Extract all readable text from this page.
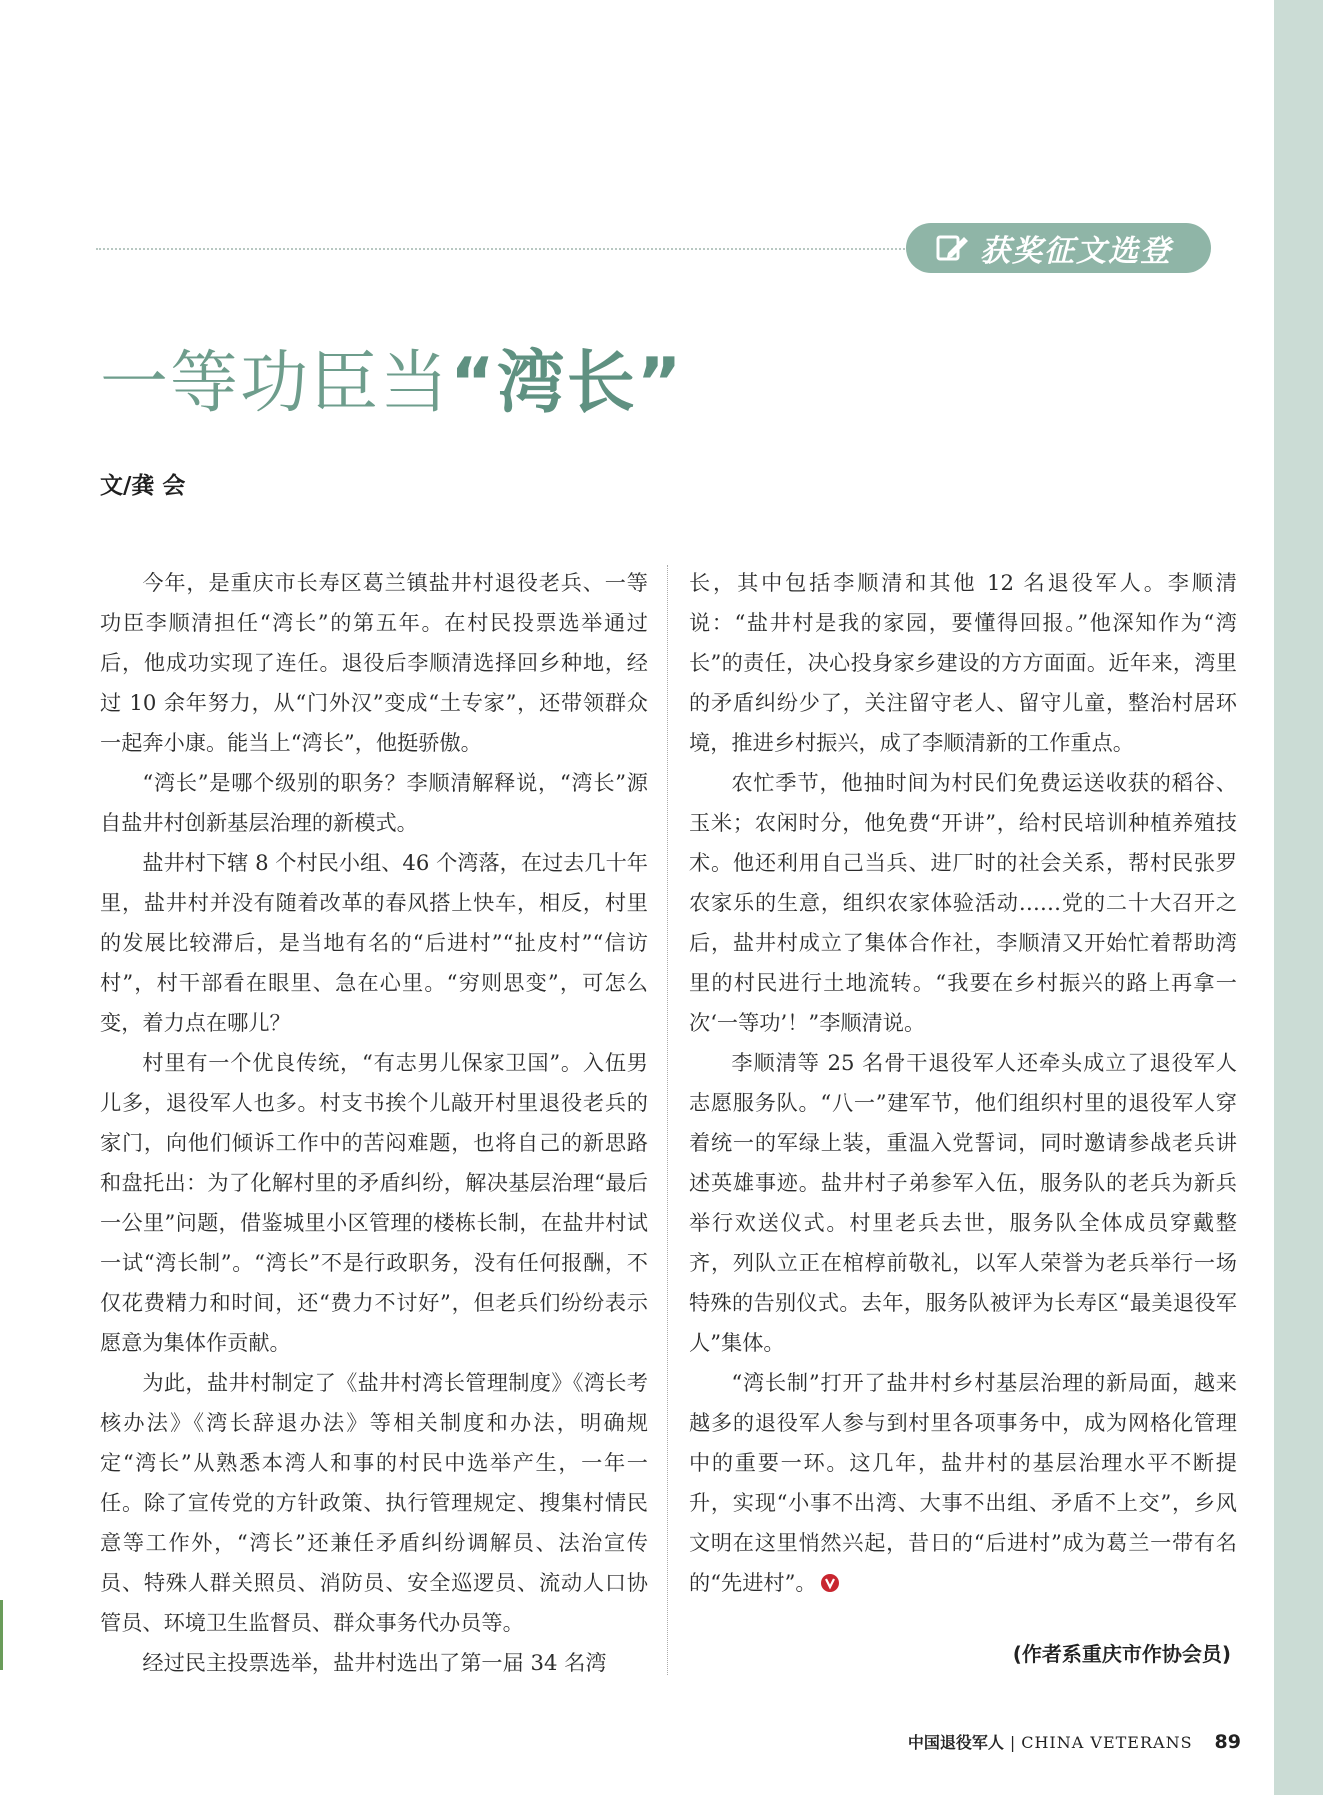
获奖征文选登
一等功臣当“湾长”
文/龚 会

今年，是重庆市长寿区葛兰镇盐井村退役老兵、一等功臣李顺清担任“湾长”的第五年。在村民投票选举通过后，他成功实现了连任。退役后李顺清选择回乡种地，经过 10 余年努力，从“门外汉”变成“土专家”，还带领群众一起奔小康。能当上“湾长”，他挺骄傲。

“湾长”是哪个级别的职务？李顺清解释说，“湾长”源自盐井村创新基层治理的新模式。

盐井村下辖 8 个村民小组、46 个湾落，在过去几十年里，盐井村并没有随着改革的春风搭上快车，相反，村里的发展比较滞后，是当地有名的“后进村”“扯皮村”“信访村”，村干部看在眼里、急在心里。“穷则思变”，可怎么变，着力点在哪儿？

村里有一个优良传统，“有志男儿保家卫国”。入伍男儿多，退役军人也多。村支书挨个儿敲开村里退役老兵的家门，向他们倾诉工作中的苦闷难题，也将自己的新思路和盘托出：为了化解村里的矛盾纠纷，解决基层治理“最后一公里”问题，借鉴城里小区管理的楼栋长制，在盐井村试一试“湾长制”。“湾长”不是行政职务，没有任何报酬，不仅花费精力和时间，还“费力不讨好”，但老兵们纷纷表示愿意为集体作贡献。

为此，盐井村制定了《盐井村湾长管理制度》《湾长考核办法》《湾长辞退办法》等相关制度和办法，明确规定“湾长”从熟悉本湾人和事的村民中选举产生，一年一任。除了宣传党的方针政策、执行管理规定、搜集村情民意等工作外，“湾长”还兼任矛盾纠纷调解员、法治宣传员、特殊人群关照员、消防员、安全巡逻员、流动人口协管员、环境卫生监督员、群众事务代办员等。

经过民主投票选举，盐井村选出了第一届 34 名湾

长，其中包括李顺清和其他 12 名退役军人。李顺清说：“盐井村是我的家园，要懂得回报。”他深知作为“湾长”的责任，决心投身家乡建设的方方面面。近年来，湾里的矛盾纠纷少了，关注留守老人、留守儿童，整治村居环境，推进乡村振兴，成了李顺清新的工作重点。

农忙季节，他抽时间为村民们免费运送收获的稻谷、玉米；农闲时分，他免费“开讲”，给村民培训种植养殖技术。他还利用自己当兵、进厂时的社会关系，帮村民张罗农家乐的生意，组织农家体验活动……党的二十大召开之后，盐井村成立了集体合作社，李顺清又开始忙着帮助湾里的村民进行土地流转。“我要在乡村振兴的路上再拿一次‘一等功’！”李顺清说。

李顺清等 25 名骨干退役军人还牵头成立了退役军人志愿服务队。“八一”建军节，他们组织村里的退役军人穿着统一的军绿上装，重温入党誓词，同时邀请参战老兵讲述英雄事迹。盐井村子弟参军入伍，服务队的老兵为新兵举行欢送仪式。村里老兵去世，服务队全体成员穿戴整齐，列队立正在棺椁前敬礼，以军人荣誉为老兵举行一场特殊的告别仪式。去年，服务队被评为长寿区“最美退役军人”集体。

“湾长制”打开了盐井村乡村基层治理的新局面，越来越多的退役军人参与到村里各项事务中，成为网格化管理中的重要一环。这几年，盐井村的基层治理水平不断提升，实现“小事不出湾、大事不出组、矛盾不上交”，乡风文明在这里悄然兴起，昔日的“后进村”成为葛兰一带有名的“先进村”。

(作者系重庆市作协会员)
中国退役军人 | CHINA VETERANS 89
